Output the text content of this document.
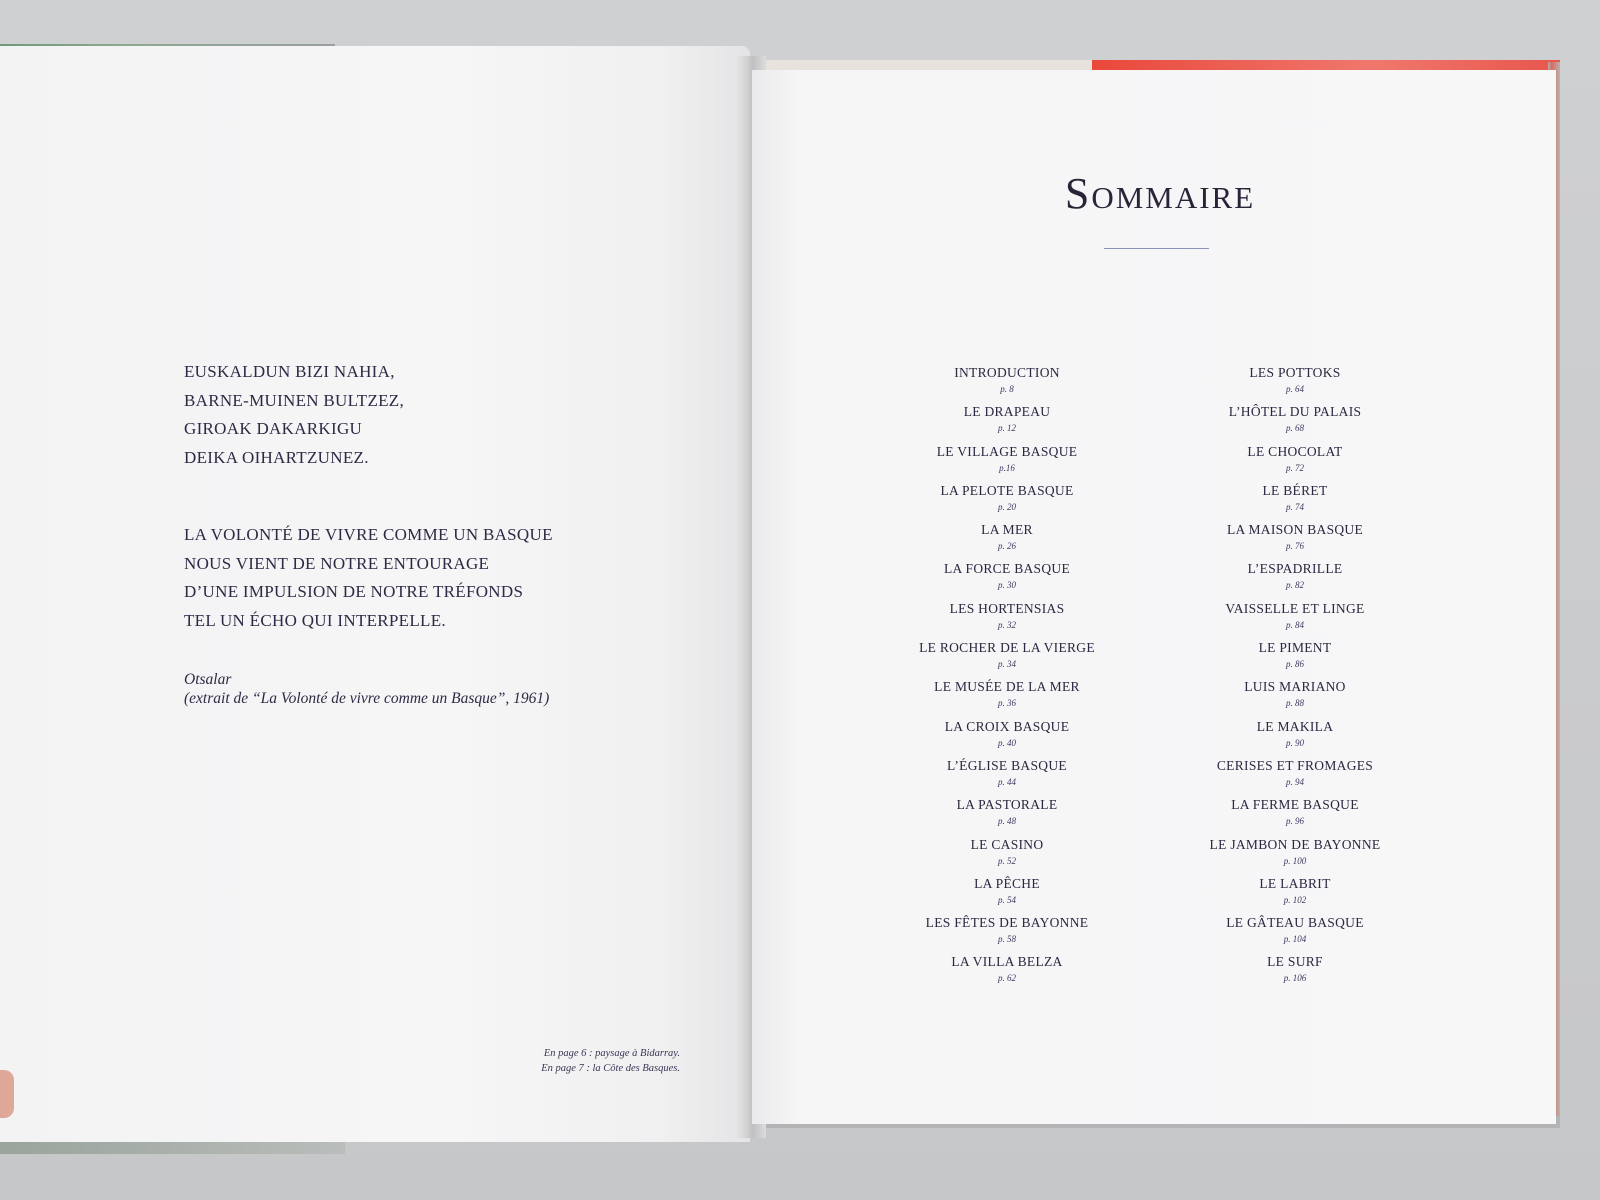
EUSKALDUN BIZI NAHIA,
BARNE-MUINEN BULTZEZ,
GIROAK DAKARKIGU
DEIKA OIHARTZUNEZ.
LA VOLONTÉ DE VIVRE COMME UN BASQUE
NOUS VIENT DE NOTRE ENTOURAGE
D’UNE IMPULSION DE NOTRE TRÉFONDS
TEL UN ÉCHO QUI INTERPELLE.
Otsalar
(extrait de “La Volonté de vivre comme un Basque”, 1961)
En page 6 : paysage à Bidarray.
En page 7 : la Côte des Basques.
Sommaire
INTRODUCTION
p. 8
LE DRAPEAU
p. 12
LE VILLAGE BASQUE
p.16
LA PELOTE BASQUE
p. 20
LA MER
p. 26
LA FORCE BASQUE
p. 30
LES HORTENSIAS
p. 32
LE ROCHER DE LA VIERGE
p. 34
LE MUSÉE DE LA MER
p. 36
LA CROIX BASQUE
p. 40
L’ÉGLISE BASQUE
p. 44
LA PASTORALE
p. 48
LE CASINO
p. 52
LA PÊCHE
p. 54
LES FÊTES DE BAYONNE
p. 58
LA VILLA BELZA
p. 62
LES POTTOKS
p. 64
L’HÔTEL DU PALAIS
p. 68
LE CHOCOLAT
p. 72
LE BÉRET
p. 74
LA MAISON BASQUE
p. 76
L’ESPADRILLE
p. 82
VAISSELLE ET LINGE
p. 84
LE PIMENT
p. 86
LUIS MARIANO
p. 88
LE MAKILA
p. 90
CERISES ET FROMAGES
p. 94
LA FERME BASQUE
p. 96
LE JAMBON DE BAYONNE
p. 100
LE LABRIT
p. 102
LE GÂTEAU BASQUE
p. 104
LE SURF
p. 106
